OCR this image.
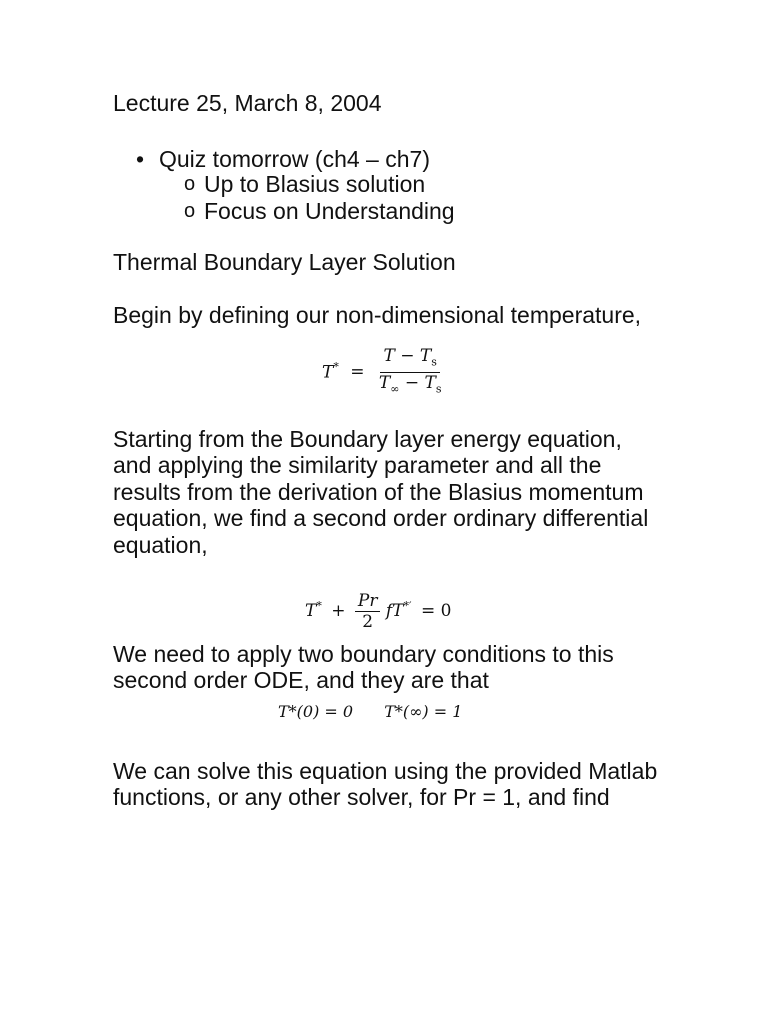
Lecture 25, March 8, 2004

• Quiz tomorrow (ch4 – ch7)
o Up to Blasius solution
o Focus on Understanding

Thermal Boundary Layer Solution

Begin by defining our non-dimensional temperature,

$T^* = \frac{T - T_s}{T_\infty - T_s}$

Starting from the Boundary layer energy equation,

and applying the similarity parameter and all the

results from the derivation of the Blasius momentum

equation, we find a second order ordinary differential

equation,

$T^* + \frac{Pr}{2} fT^{*'} = 0$

We need to apply two boundary conditions to this

second order ODE, and they are that

T*(0) = 0 T*(∞) = 1

We can solve this equation using the provided Matlab

functions, or any other solver, for Pr = 1, and find
